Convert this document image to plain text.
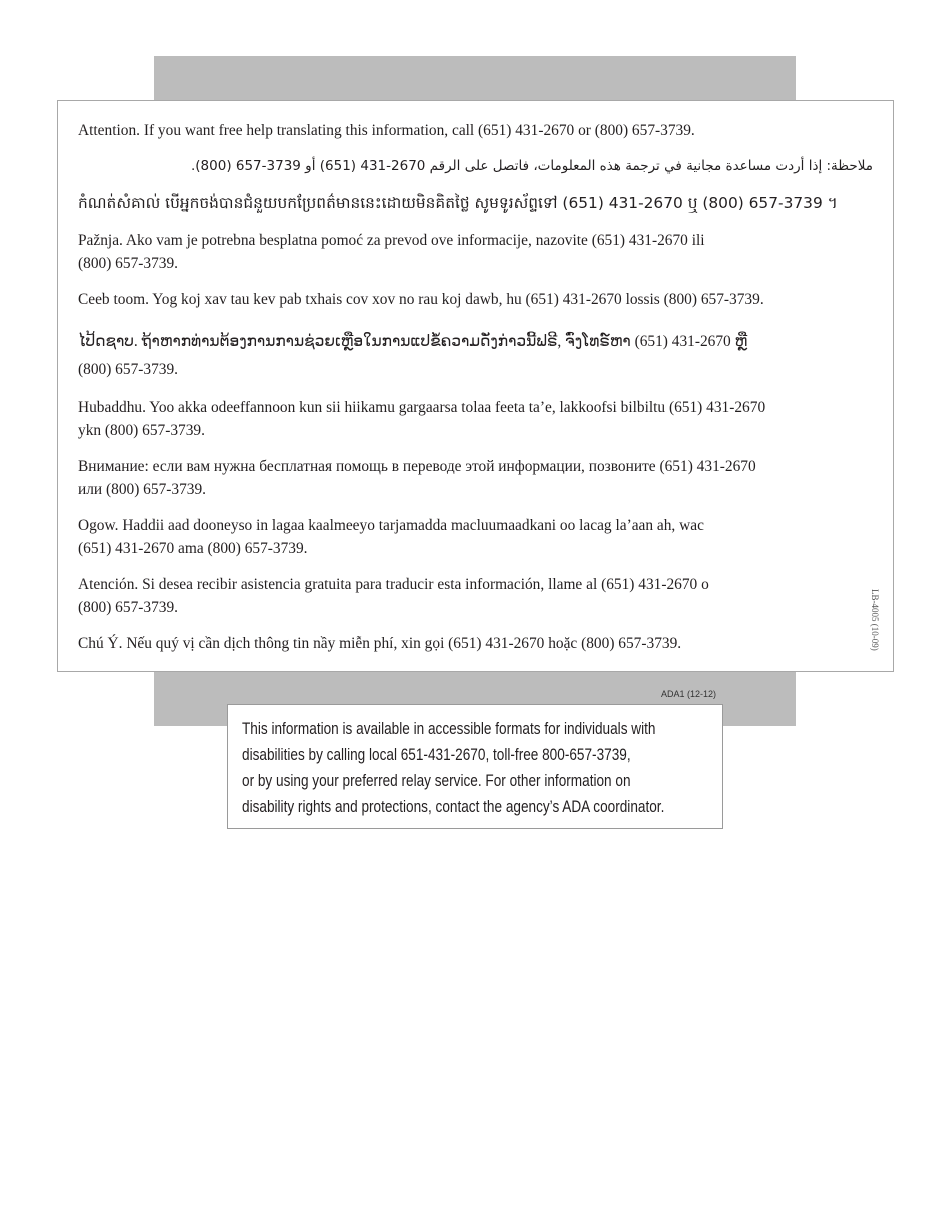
Attention. If you want free help translating this information, call (651) 431-2670 or (800) 657-3739.

ملاحظة: إذا أردت مساعدة مجانية في ترجمة هذه المعلومات، فاتصل على الرقم 2670-431 (651) أو 3739-657 (800).

កំណត់សំគាល់ បើអ្នកចង់បានជំនួយបកប្រែពត៌មាននេះដោយមិនគិតថ្លៃ សូមទូរស័ព្ទទៅ (651) 431-2670 ឬ (800) 657-3739 ។

Pažnja. Ako vam je potrebna besplatna pomoć za prevod ove informacije, nazovite (651) 431-2670 ili

(800) 657-3739.

Ceeb toom. Yog koj xav tau kev pab txhais cov xov no rau koj dawb, hu (651) 431-2670 lossis (800) 657-3739.

ໄປ້ດຊາບ. ຖ້າຫາກທ່ານຕ້ອງການການຊ່ວຍເຫຼືອໃນການແປຂໍ້ຄວາມດັ່ງກ່າວນີ້ຟຣີ, ຈົ່ງໂທຣ໌ຫາ (651) 431-2670 ຫຼື

(800) 657-3739.

Hubaddhu. Yoo akka odeeffannoon kun sii hiikamu gargaarsa tolaa feeta ta’e, lakkoofsi bilbiltu (651) 431-2670

ykn (800) 657-3739.

Внимание: если вам нужна бесплатная помощь в переводе этой информации, позвоните (651) 431-2670

или (800) 657-3739.

Ogow. Haddii aad dooneyso in lagaa kaalmeeyo tarjamadda macluumaadkani oo lacag la’aan ah, wac

(651) 431-2670 ama (800) 657-3739.

Atención. Si desea recibir asistencia gratuita para traducir esta información, llame al (651) 431-2670 o

(800) 657-3739.

Chú Ý. Nếu quý vị cần dịch thông tin nầy miễn phí, xin gọi (651) 431-2670 hoặc (800) 657-3739.	LB-4005 (10-09)
ADA1 (12-12)
This information is available in accessible formats for individuals with
disabilities by calling local 651-431-2670, toll-free 800-657-3739,
or by using your preferred relay service. For other information on
disability rights and protections, contact the agency’s ADA coordinator.
